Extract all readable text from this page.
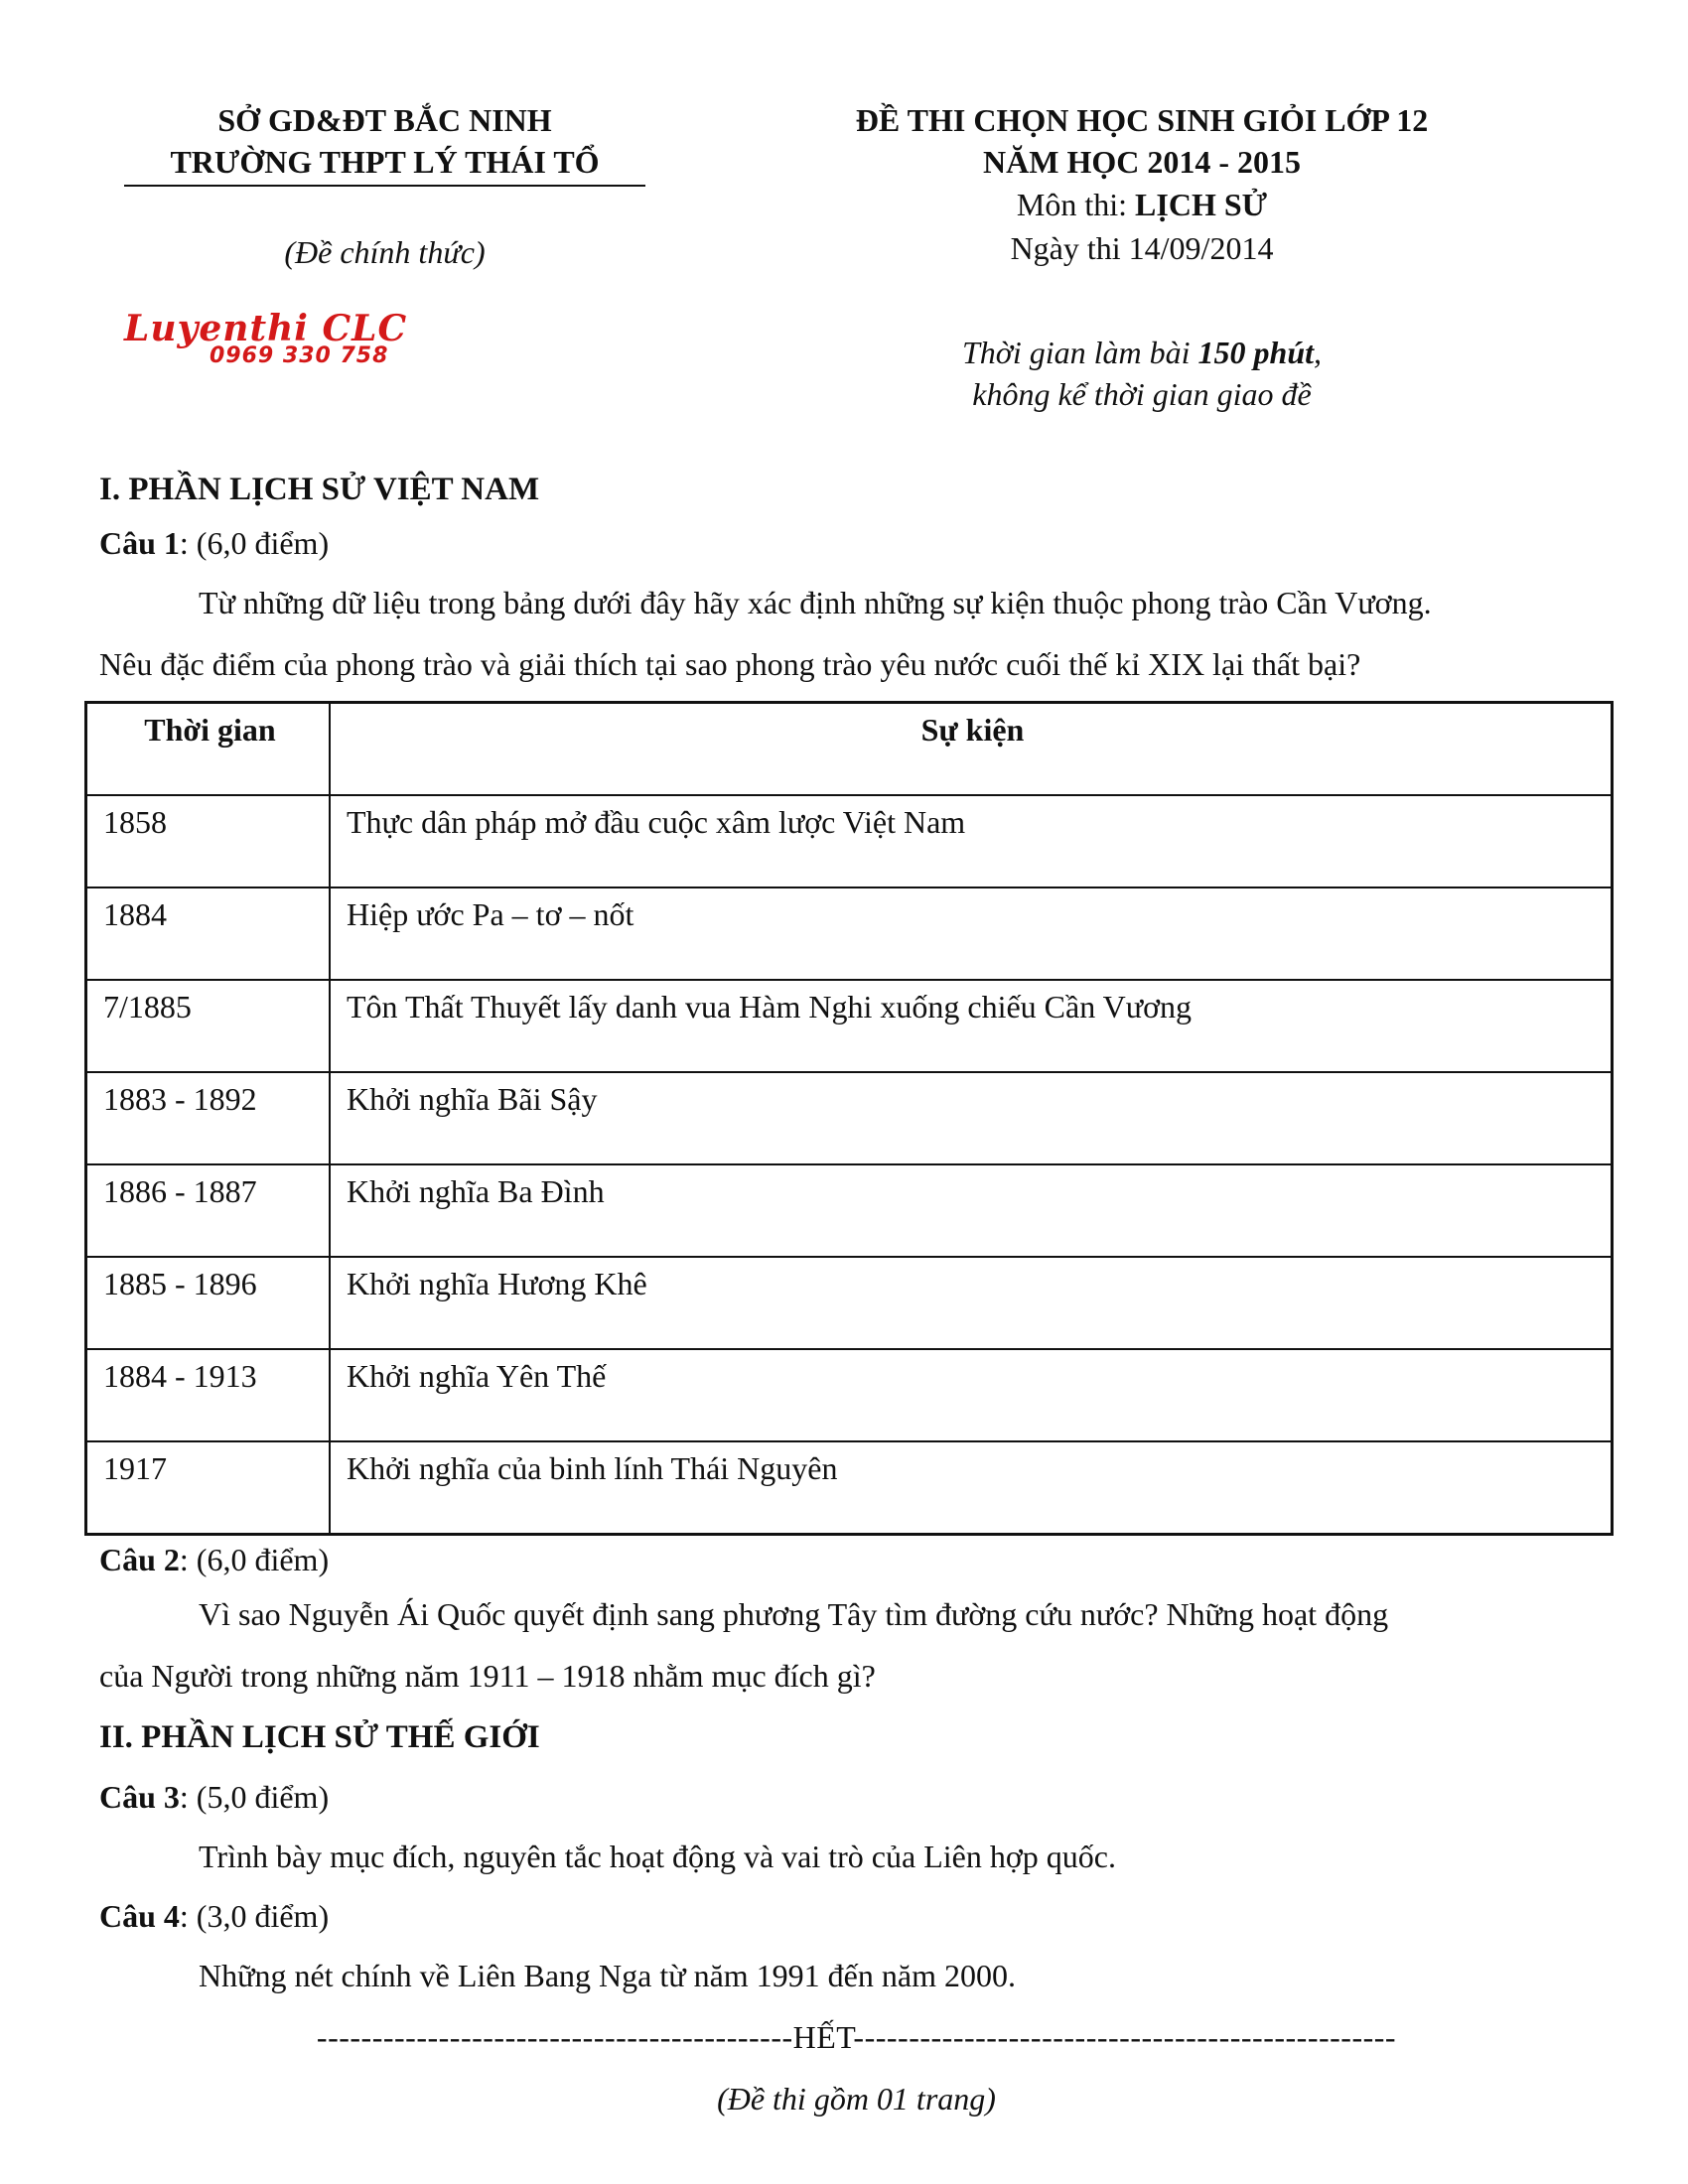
SỞ GD&ĐT BẮC NINH
TRƯỜNG THPT LÝ THÁI TỔ
(Đề chính thức)
Luyenthi CLC
0969 330 758
ĐỀ THI CHỌN HỌC SINH GIỎI LỚP 12
NĂM HỌC 2014 - 2015
Môn thi: LỊCH SỬ
Ngày thi 14/09/2014
Thời gian làm bài 150 phút,
không kể thời gian giao đề

I. PHẦN LỊCH SỬ VIỆT NAM

Câu 1: (6,0 điểm)

Từ những dữ liệu trong bảng dưới đây hãy xác định những sự kiện thuộc phong trào Cần Vương.

Nêu đặc điểm của phong trào và giải thích tại sao phong trào yêu nước cuối thế kỉ XIX lại thất bại?

Thời gian	Sự kiện
1858	Thực dân pháp mở đầu cuộc xâm lược Việt Nam
1884	Hiệp ước Pa – tơ – nốt
7/1885	Tôn Thất Thuyết lấy danh vua Hàm Nghi xuống chiếu Cần Vương
1883 - 1892	Khởi nghĩa Bãi Sậy
1886 - 1887	Khởi nghĩa Ba Đình
1885 - 1896	Khởi nghĩa Hương Khê
1884 - 1913	Khởi nghĩa Yên Thế
1917	Khởi nghĩa của binh lính Thái Nguyên

Câu 2: (6,0 điểm)

Vì sao Nguyễn Ái Quốc quyết định sang phương Tây tìm đường cứu nước? Những hoạt động

của Người trong những năm 1911 – 1918 nhằm mục đích gì?

II. PHẦN LỊCH SỬ THẾ GIỚI

Câu 3: (5,0 điểm)

Trình bày mục đích, nguyên tắc hoạt động và vai trò của Liên hợp quốc.

Câu 4: (3,0 điểm)

Những nét chính về Liên Bang Nga từ năm 1991 đến năm 2000.

-------------------------------------------HẾT-------------------------------------------------

(Đề thi gồm 01 trang)
